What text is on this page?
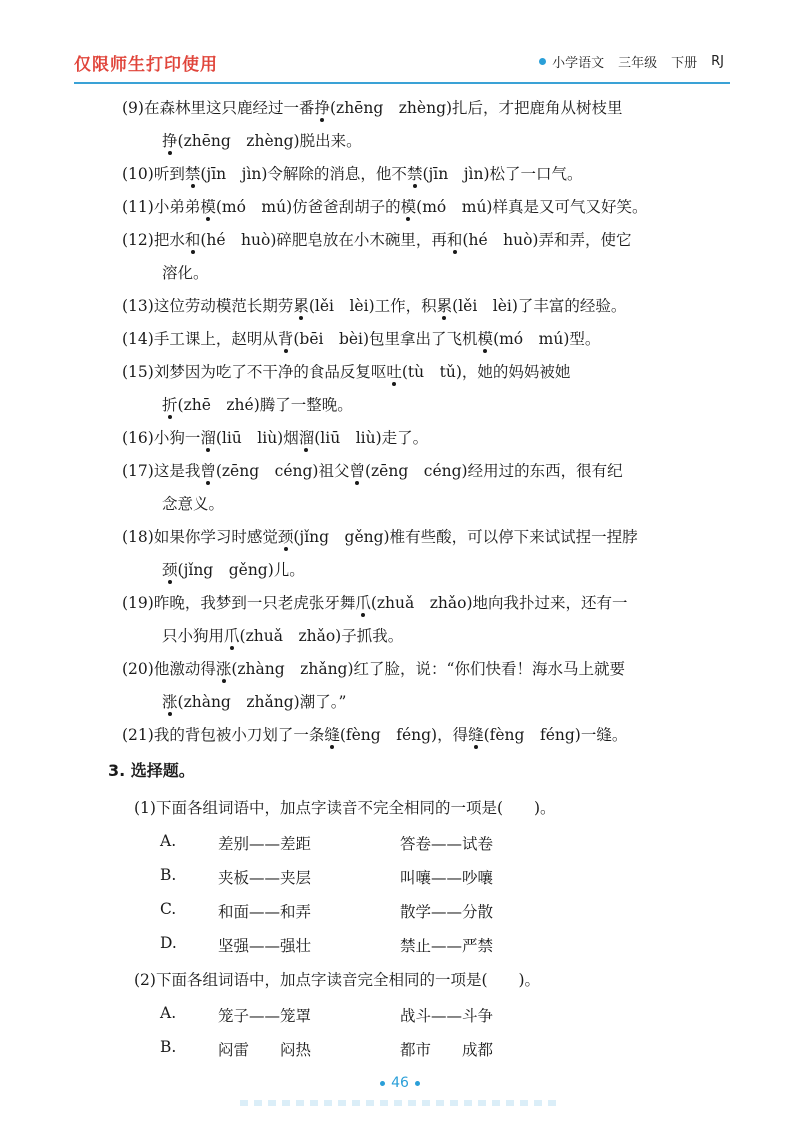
仅限师生打印使用	小学语文 三年级 下册 RJ
(9)在森林里这只鹿经过一番挣(zhēng　zhèng)扎后，才把鹿角从树枝里
挣(zhēng　zhèng)脱出来。
(10)听到禁(jīn　jìn)令解除的消息，他不禁(jīn　jìn)松了一口气。
(11)小弟弟模(mó　mú)仿爸爸刮胡子的模(mó　mú)样真是又可气又好笑。
(12)把水和(hé　huò)碎肥皂放在小木碗里，再和(hé　huò)弄和弄，使它
溶化。
(13)这位劳动模范长期劳累(lěi　lèi)工作，积累(lěi　lèi)了丰富的经验。
(14)手工课上，赵明从背(bēi　bèi)包里拿出了飞机模(mó　mú)型。
(15)刘梦因为吃了不干净的食品反复呕吐(tù　tǔ)，她的妈妈被她
折(zhē　zhé)腾了一整晚。
(16)小狗一溜(liū　liù)烟溜(liū　liù)走了。
(17)这是我曾(zēng　céng)祖父曾(zēng　céng)经用过的东西，很有纪
念意义。
(18)如果你学习时感觉颈(jǐng　gěng)椎有些酸，可以停下来试试捏一捏脖
颈(jǐng　gěng)儿。
(19)昨晚，我梦到一只老虎张牙舞爪(zhuǎ　zhǎo)地向我扑过来，还有一
只小狗用爪(zhuǎ　zhǎo)子抓我。
(20)他激动得涨(zhàng　zhǎng)红了脸，说：“你们快看！海水马上就要
涨(zhàng　zhǎng)潮了。”
(21)我的背包被小刀划了一条缝(fèng　féng)，得缝(fèng　féng)一缝。
3. 选择题。
(1)下面各组词语中，加点字读音不完全相同的一项是(　　)。
A.	差别——差距	答卷——试卷
B.	夹板——夹层	叫嚷——吵嚷
C.	和面——和弄	散学——分散
D.	坚强——强壮	禁止——严禁
(2)下面各组词语中，加点字读音完全相同的一项是(　　)。
A.	笼子——笼罩	战斗——斗争
B.	闷雷　　闷热	都市　　成都
46
